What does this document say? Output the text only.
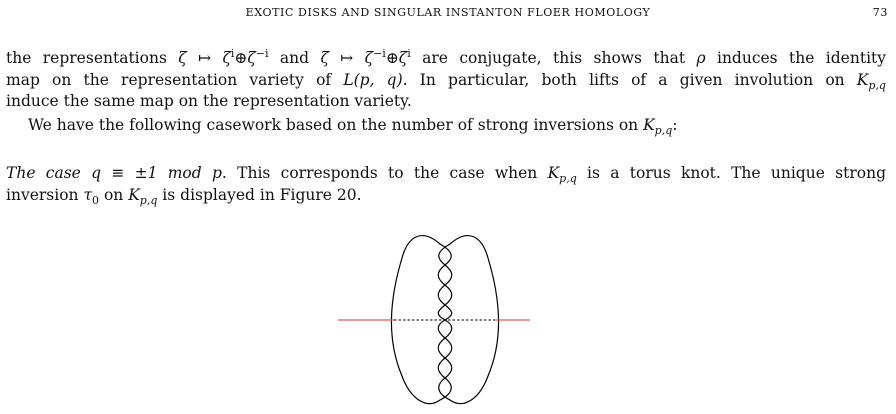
EXOTIC DISKS AND SINGULAR INSTANTON FLOER HOMOLOGY	73
the representations ζ ↦ $\zeta^i\oplus\zeta^{-i}$ and ζ ↦ $\zeta^{-i}\oplus\zeta^i$ are conjugate, this shows that ρ induces the identity
map on the representation variety of L(p, q). In particular, both lifts of a given involution on $K_{p,q}$
induce the same map on the representation variety.
We have the following casework based on the number of strong inversions on $K_{p,q}$:
The case q ≡ ±1 mod p. This corresponds to the case when $K_{p,q}$ is a torus knot. The unique strong
inversion $\tau_0$ on $K_{p,q}$ is displayed in Figure 20.
